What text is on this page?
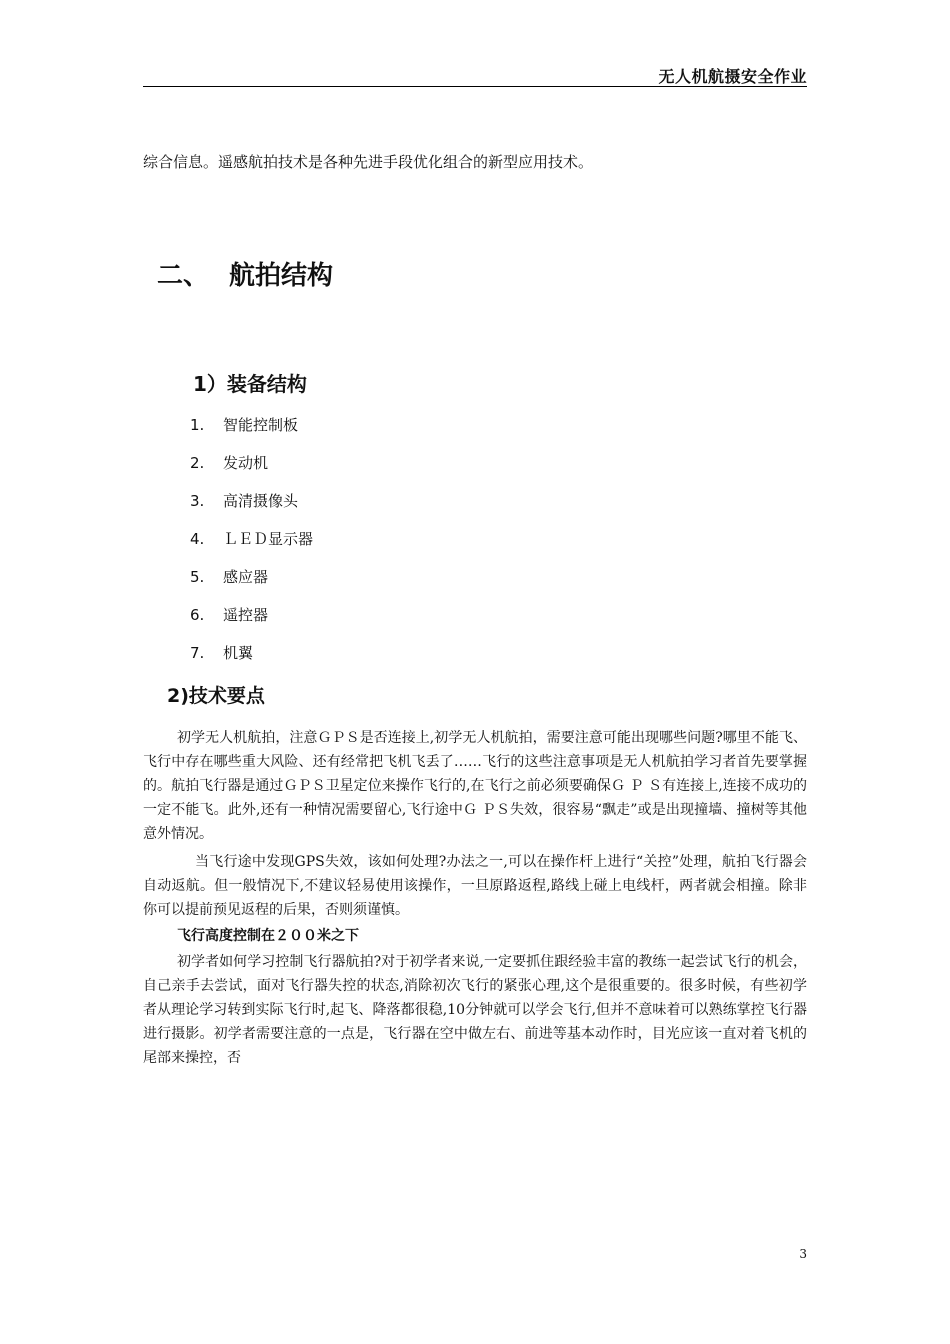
无人机航摄安全作业
综合信息。遥感航拍技术是各种先进手段优化组合的新型应用技术。
二、 航拍结构
1）装备结构
1.	智能控制板
2.	发动机
3.	高清摄像头
4.	ＬＥＤ显示器
5.	感应器
6.	遥控器
7.	机翼
2)技术要点
初学无人机航拍，注意ＧＰＳ是否连接上,初学无人机航拍，需要注意可能出现哪些问题?哪里不能飞、飞行中存在哪些重大风险、还有经常把飞机飞丢了……飞行的这些注意事项是无人机航拍学习者首先要掌握的。航拍飞行器是通过ＧＰＳ卫星定位来操作飞行的,在飞行之前必须要确保Ｇ Ｐ Ｓ有连接上,连接不成功的一定不能飞。此外,还有一种情况需要留心,飞行途中Ｇ ＰＳ失效，很容易“飘走”或是出现撞墙、撞树等其他意外情况。
当飞行途中发现GPS失效，该如何处理?办法之一,可以在操作杆上进行“关控”处理，航拍飞行器会自动返航。但一般情况下,不建议轻易使用该操作，一旦原路返程,路线上碰上电线杆，两者就会相撞。除非你可以提前预见返程的后果，否则须谨慎。
飞行高度控制在２００米之下
初学者如何学习控制飞行器航拍?对于初学者来说,一定要抓住跟经验丰富的教练一起尝试飞行的机会，自己亲手去尝试，面对飞行器失控的状态,消除初次飞行的紧张心理,这个是很重要的。很多时候，有些初学者从理论学习转到实际飞行时,起飞、降落都很稳,10分钟就可以学会飞行,但并不意味着可以熟练掌控飞行器进行摄影。初学者需要注意的一点是，飞行器在空中做左右、前进等基本动作时，目光应该一直对着飞机的尾部来操控，否
3
